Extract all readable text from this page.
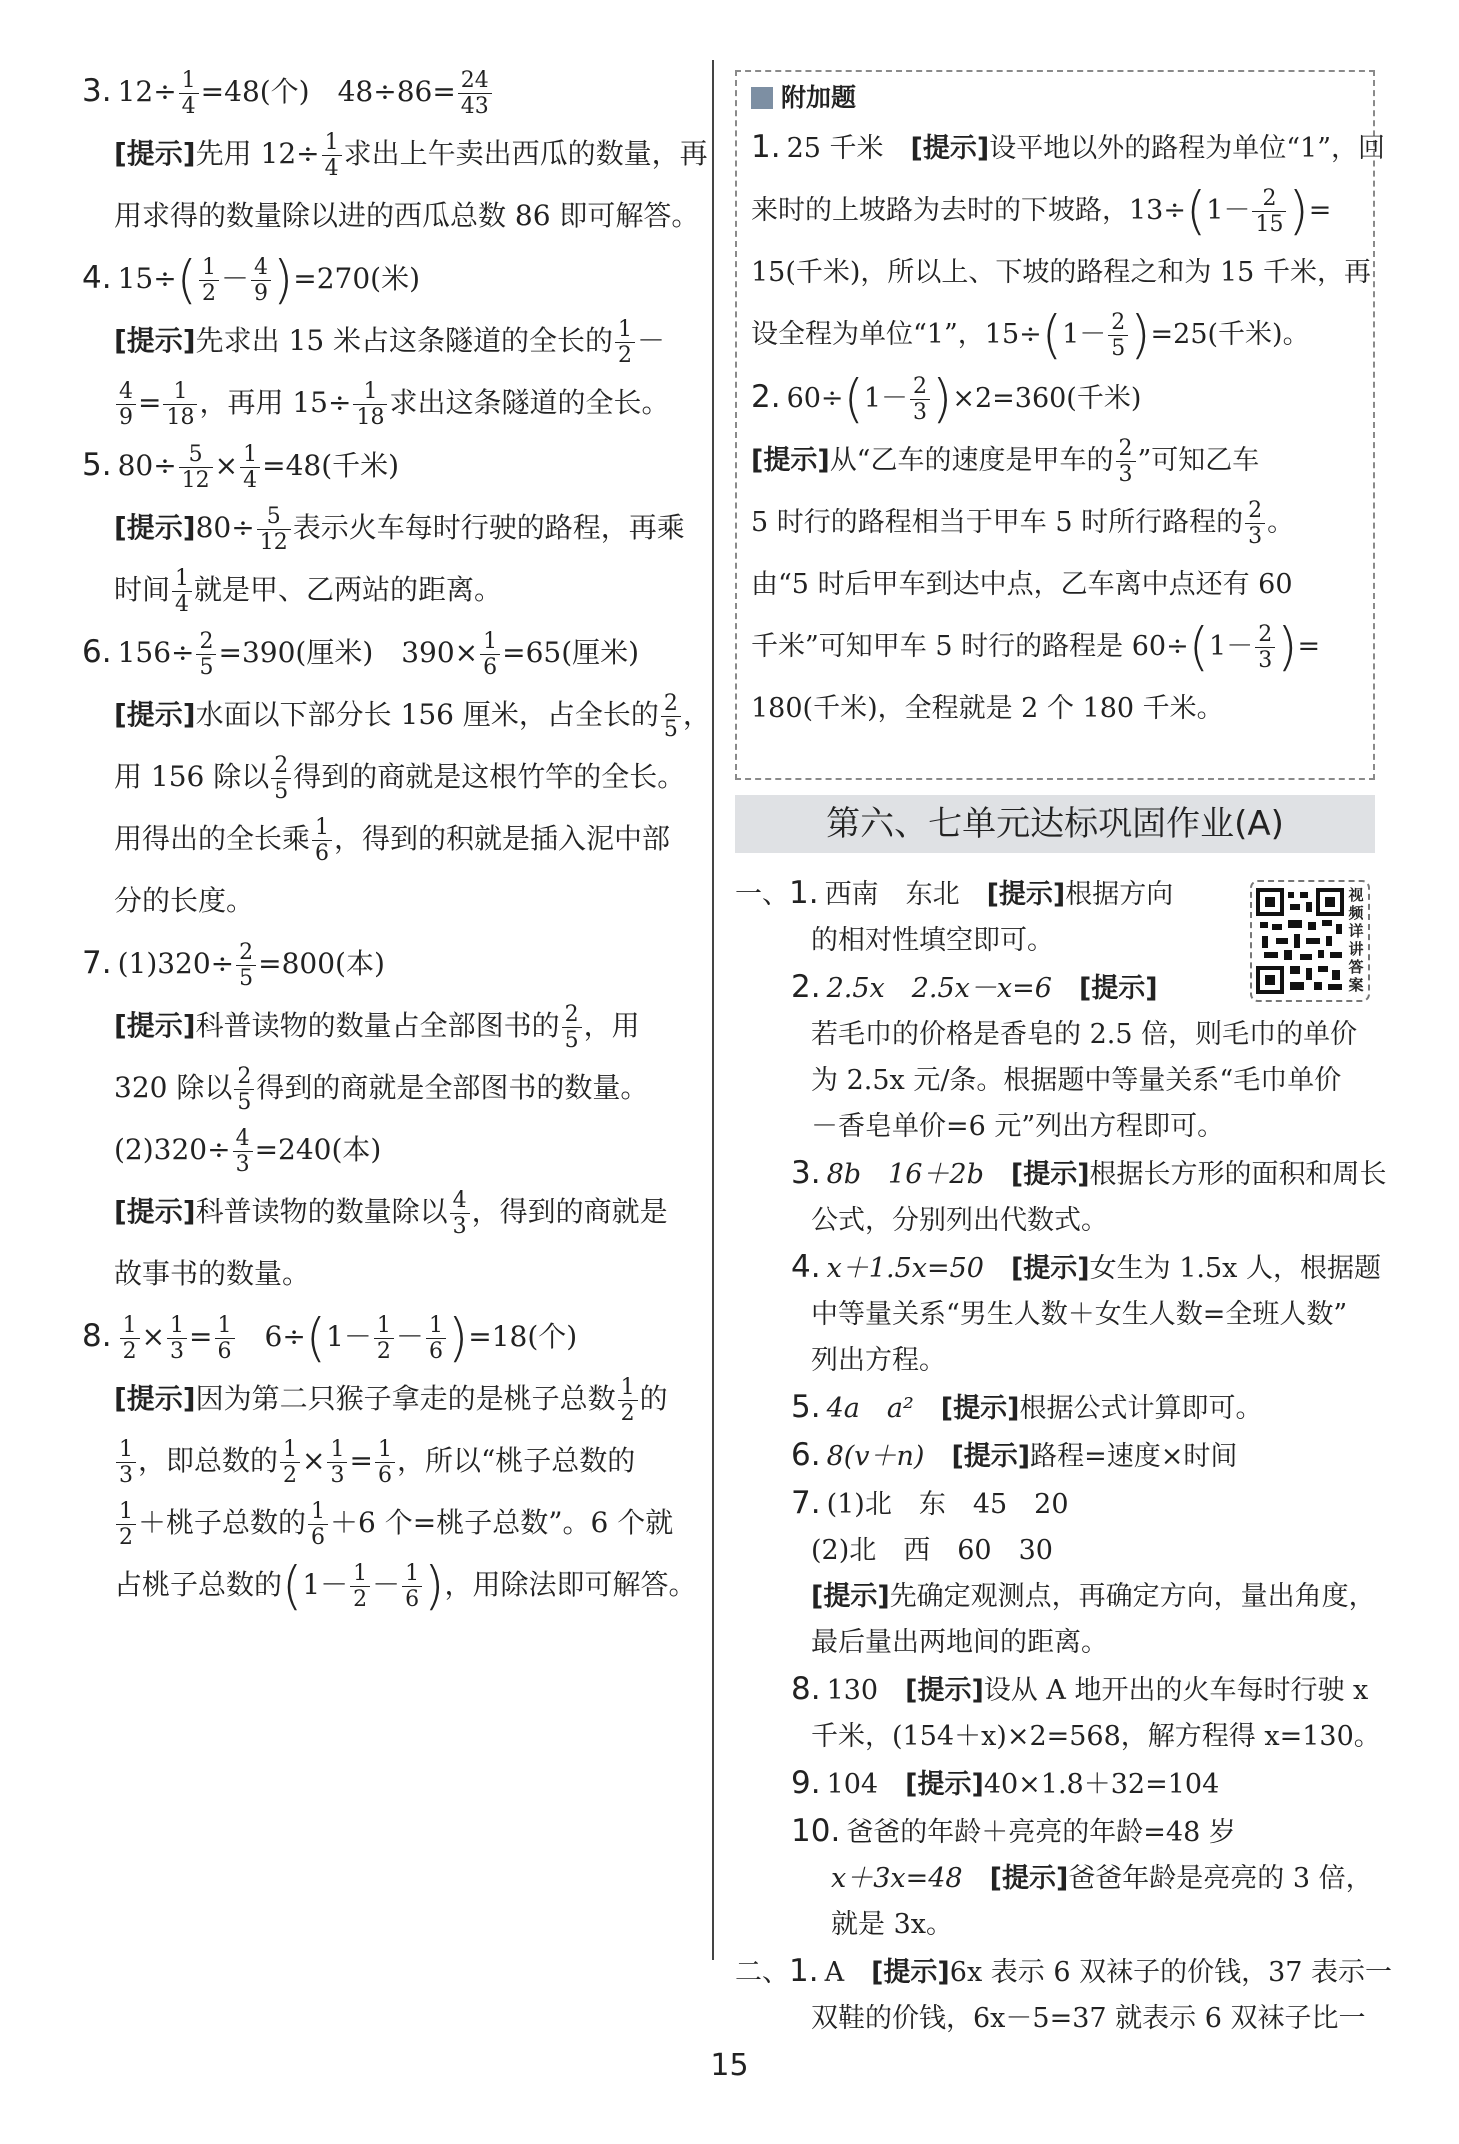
3. $12\div \frac{1}{4} =48$(个)　$48\div 86= \frac{24}{43}$
[提示]先用 $12\div \frac{1}{4}$ 求出上午卖出西瓜的数量，再
用求得的数量除以进的西瓜总数 86 即可解答。
4. $15\div( \frac{1}{2} - \frac{4}{9} )=270$(米)
[提示]先求出 15 米占这条隧道的全长的 $\frac{1}{2}$ －
$\frac{4}{9} = \frac{1}{18}$ ，再用 $15\div \frac{1}{18}$ 求出这条隧道的全长。
5. $80\div \frac{5}{12} \times \frac{1}{4} =48$(千米)
[提示]$80\div \frac{5}{12}$ 表示火车每时行驶的路程，再乘
时间 $\frac{1}{4}$ 就是甲、乙两站的距离。
6. $156\div \frac{2}{5} =390$(厘米)　$390\times \frac{1}{6} =65$(厘米)
[提示]水面以下部分长 156 厘米，占全长的 $\frac{2}{5}$ ，
用 156 除以 $\frac{2}{5}$ 得到的商就是这根竹竿的全长。
用得出的全长乘 $\frac{1}{6}$ ，得到的积就是插入泥中部
分的长度。
7. $(1)320\div \frac{2}{5} =800$(本)
[提示]科普读物的数量占全部图书的 $\frac{2}{5}$ ，用
320 除以 $\frac{2}{5}$ 得到的商就是全部图书的数量。
$(2)320\div \frac{4}{3} =240$(本)
[提示]科普读物的数量除以 $\frac{4}{3}$ ，得到的商就是
故事书的数量。
8. $\frac{1}{2} \times \frac{1}{3} = \frac{1}{6}$ 　$6\div(1- \frac{1}{2} - \frac{1}{6} )=18$(个)
[提示]因为第二只猴子拿走的是桃子总数 $\frac{1}{2}$ 的
$\frac{1}{3}$ ，即总数的 $\frac{1}{2} \times \frac{1}{3} = \frac{1}{6}$ ，所以“桃子总数的
$\frac{1}{2}$ ＋桃子总数的 $\frac{1}{6} +6$ 个=桃子总数”。6 个就
占桃子总数的($1- \frac{1}{2} - \frac{1}{6}$ )，用除法即可解答。
附加题
1. 25 千米　 [提示]设平地以外的路程为单位“1”，回
来时的上坡路为去时的下坡路，$13\div(1- \frac{2}{15}$ )=
15(千米)，所以上、下坡的路程之和为 15 千米，再
设全程为单位“1”，$15\div(1- \frac{2}{5} )=25$(千米)。
2. $60\div(1- \frac{2}{3} )\times 2=360$(千米)
[提示]从“乙车的速度是甲车的 $\frac{2}{3}$ ”可知乙车
5 时行的路程相当于甲车 5 时所行路程的 $\frac{2}{3}$ 。
由“5 时后甲车到达中点，乙车离中点还有 60
千米”可知甲车 5 时行的路程是 $60\div(1- \frac{2}{3}$ )=
180(千米)，全程就是 2 个 180 千米。
第六、七单元达标巩固作业(A)
视频详讲答案
一、1. 西南　东北　 [提示]根据方向
的相对性填空即可。
2. 2.5x　2.5x－x=6　 [提示]
若毛巾的价格是香皂的 2.5 倍，则毛巾的单价
为 2.5x 元/条。根据题中等量关系“毛巾单价
－香皂单价=6 元”列出方程即可。
3. 8b　16＋2b　 [提示]根据长方形的面积和周长
公式，分别列出代数式。
4. x＋1.5x=50　 [提示]女生为 1.5x 人，根据题
中等量关系“男生人数＋女生人数=全班人数”
列出方程。
5. 4a　a²　 [提示]根据公式计算即可。
6. 8(v＋n)　 [提示]路程=速度×时间
7. (1)北　东　45　20
(2)北　西　60　30
[提示]先确定观测点，再确定方向，量出角度，
最后量出两地间的距离。
8. 130　 [提示]设从 A 地开出的火车每时行驶 x
千米，(154＋x)×2=568，解方程得 x=130。
9. 104　 [提示]40×1.8＋32=104
10. 爸爸的年龄＋亮亮的年龄=48 岁
x＋3x=48　 [提示]爸爸年龄是亮亮的 3 倍，
就是 3x。
二、1. A　 [提示]6x 表示 6 双袜子的价钱，37 表示一
双鞋的价钱，6x－5=37 就表示 6 双袜子比一
15
